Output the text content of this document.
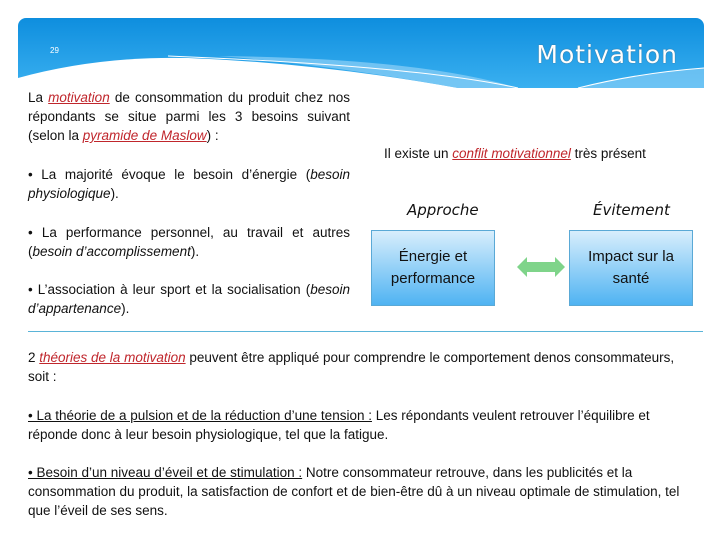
29	Motivation
La motivation de consommation du produit chez nos répondants se situe parmi les 3 besoins suivant (selon la pyramide de Maslow) :
• La majorité évoque le besoin d’énergie (besoin physiologique).
• La performance personnel, au travail et autres (besoin d’accomplissement).
• L’association à leur sport et la socialisation (besoin d’appartenance).
Il existe un conflit motivationnel très présent
Approche	Évitement
Énergie et performance
Impact sur la santé
2 théories de la motivation peuvent être appliqué pour comprendre le comportement denos consommateurs, soit :
• La théorie de a pulsion et de la réduction d’une tension : Les répondants veulent retrouver l’équilibre et réponde donc à leur besoin physiologique, tel que la fatigue.
• Besoin d’un niveau d’éveil et de stimulation : Notre consommateur retrouve, dans les publicités et la consommation du produit, la satisfaction de confort et de bien-être dû à un niveau optimale de stimulation, tel que l’éveil de ses sens.
